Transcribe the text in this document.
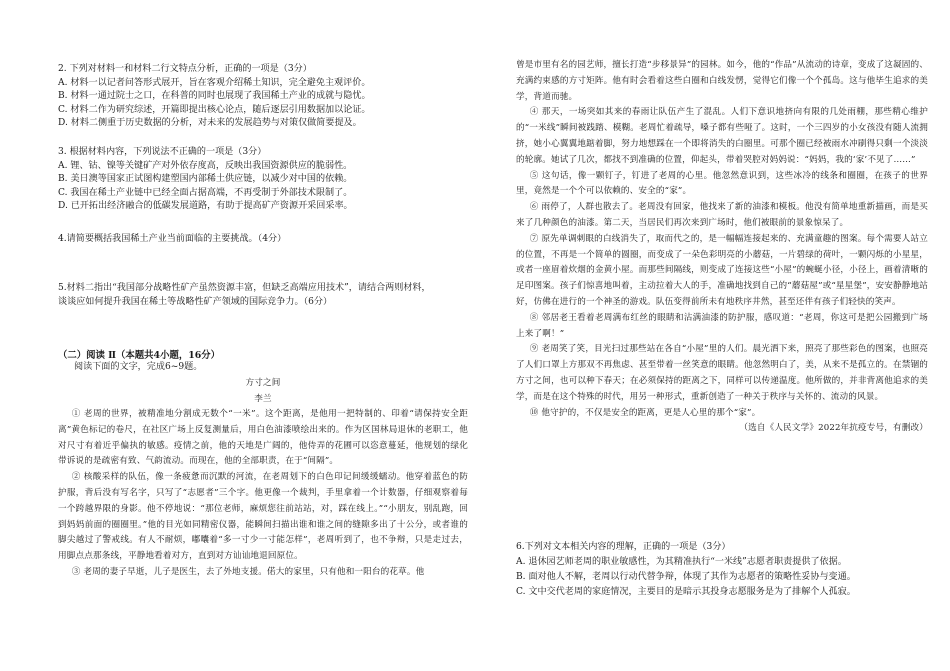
2. 下列对材料一和材料二行文特点分析，正确的一项是（3分）

A. 材料一以记者问答形式展开，旨在客观介绍稀土知识，完全避免主观评价。

B. 材料一通过院士之口，在科普的同时也展现了我国稀土产业的成就与隐忧。

C. 材料二作为研究综述，开篇即提出核心论点，随后逐层引用数据加以论证。

D. 材料二侧重于历史数据的分析，对未来的发展趋势与对策仅做简要提及。

3. 根据材料内容，下列说法不正确的一项是（3分）

A. 锂、钴、镍等关键矿产对外依存度高，反映出我国资源供应的脆弱性。

B. 美日澳等国家正试图构建塑国内部稀土供应链，以减少对中国的依赖。

C. 我国在稀土产业链中已经全面占据高端，不再受制于外部技术限制了。

D. 已开拓出经济融合的低碳发展道路，有助于提高矿产资源开采回采率。

4.请简要概括我国稀土产业当前面临的主要挑战。（4分）

5.材料二指出“我国部分战略性矿产虽然资源丰富，但缺乏高端应用技术”，请结合两则材料，

谈谈应如何提升我国在稀土等战略性矿产领域的国际竞争力。（6分）

（二）阅读 Ⅱ（本题共4小题，16分）

阅读下面的文字，完成6~9题。

方寸之间

李兰

① 老周的世界，被精准地分割成无数个“一米”。这个距离，是他用一把特制的、印着“请保持安全距离”黄色标记的卷尺，在社区广场上反复测量后，用白色油漆喷绘出来的。作为区国林局退休的老职工，他对尺寸有着近乎偏执的敏感。疫情之前，他的天地是广阔的，他侍弄的花圃可以恣意蔓延，他规划的绿化带诉说的是疏密有致、气韵流动。而现在，他的全部职责，在于“间隔”。

② 核酸采样的队伍，像一条疲惫而沉默的河流，在老周划下的白色印记间缓缓蠕动。他穿着蓝色的防护服，背后没有写名字，只写了“志愿者”三个字。他更像一个裁判，手里拿着一个计数器，仔细观察着每一个跨越界限的身影。他不停地说：“那位老师，麻烦您往前站站，对，踩在线上。”“小朋友，别乱跑，回到妈妈前面的圈圈里。”他的目光如同精密仪器，能瞬间扫描出谁和谁之间的缝隙多出了十公分，或者谁的脚尖越过了警戒线。有人不耐烦，嘟囔着“多一寸少一寸能怎样”，老周听到了，也不争辩，只是走过去，用脚点点那条线，平静地看着对方，直到对方讪讪地退回原位。

③ 老周的妻子早逝，儿子是医生，去了外地支援。偌大的家里，只有他和一阳台的花草。他

曾是市里有名的园艺师，擅长打造“步移景异”的园林。如今，他的“作品”从流动的诗章，变成了这凝固的、充满约束感的方寸矩阵。他有时会看着这些白圈和白线发愣，觉得它们像一个个孤岛。这与他毕生追求的美学，背道而驰。

④ 那天，一场突如其来的春雨让队伍产生了混乱。人们下意识地挤向有限的几处雨棚，那些精心维护的“一米线”瞬间被践踏、模糊。老周忙着疏导，嗓子都有些哑了。这时，一个三四岁的小女孩没有随人流拥挤，她小心翼翼地踮着脚，努力地想踩在一个即将消失的白圈里。可那个圈已经被雨水冲刷得只剩一个淡淡的轮廓。她试了几次，都找不到准确的位置，仰起头，带着哭腔对妈妈说：“妈妈，我的‘家’不见了……”

⑤ 这句话，像一颗钉子，钉进了老周的心里。他忽然意识到，这些冰冷的线条和圈圈，在孩子的世界里，竟然是一个个可以依赖的、安全的“家”。

⑥ 雨停了，人群也散去了。老周没有回家，他找来了新的油漆和模板。他没有简单地重新描画，而是买来了几种颜色的油漆。第二天，当居民们再次来到广场时，他们被眼前的景象惊呆了。

⑦ 原先单调刺眼的白线消失了，取而代之的，是一幅幅连接起来的、充满童趣的图案。每个需要人站立的位置，不再是一个简单的圆圈，而变成了一朵色彩明亮的小蘑菇，一片碧绿的荷叶，一颗闪烁的小星星，或者一座眉着炊烟的金黄小屋。而那些间隔线，则变成了连接这些“小屋”的蜿蜒小径，小径上，画着清晰的足印图案。孩子们惊喜地叫着，主动拉着大人的手，准确地找到自己的“蘑菇屋”或“星星堡”，安安静静地站好，仿佛在进行的一个神圣的游戏。队伍变得前所未有地秩序井然，甚至还伴有孩子们轻快的笑声。

⑧ 邻居老王看着老周满布红丝的眼睛和沾满油漆的防护服，感叹道：“老周，你这可是把公园搬到广场上来了啊！”

⑨ 老周笑了笑，目光扫过那些站在各自“小屋”里的人们。晨光洒下来，照亮了那些彩色的图案，也照亮了人们口罩上方那双不再焦虑、甚至带着一丝笑意的眼睛。他忽然明白了，美，从来不是孤立的。在禁锢的方寸之间，也可以种下春天；在必须保持的距离之下，同样可以传递温度。他所做的，并非背离他追求的美学，而是在这个特殊的时代，用另一种形式，重新创造了一种关于秩序与关怀的、流动的风景。

⑩ 他守护的，不仅是安全的距离，更是人心里的那个“家”。

（选自《人民文学》2022年抗疫专号，有删改）

6.下列对文本相关内容的理解，正确的一项是（3分）

A. 退休园艺师老周的职业敏感性，为其精准执行“一米线”志愿者职责提供了依据。

B. 面对他人不解，老周以行动代替争辩，体现了其作为志愿者的策略性妥协与变通。

C. 文中交代老周的家庭情况，主要目的是暗示其投身志愿服务是为了排解个人孤寂。
